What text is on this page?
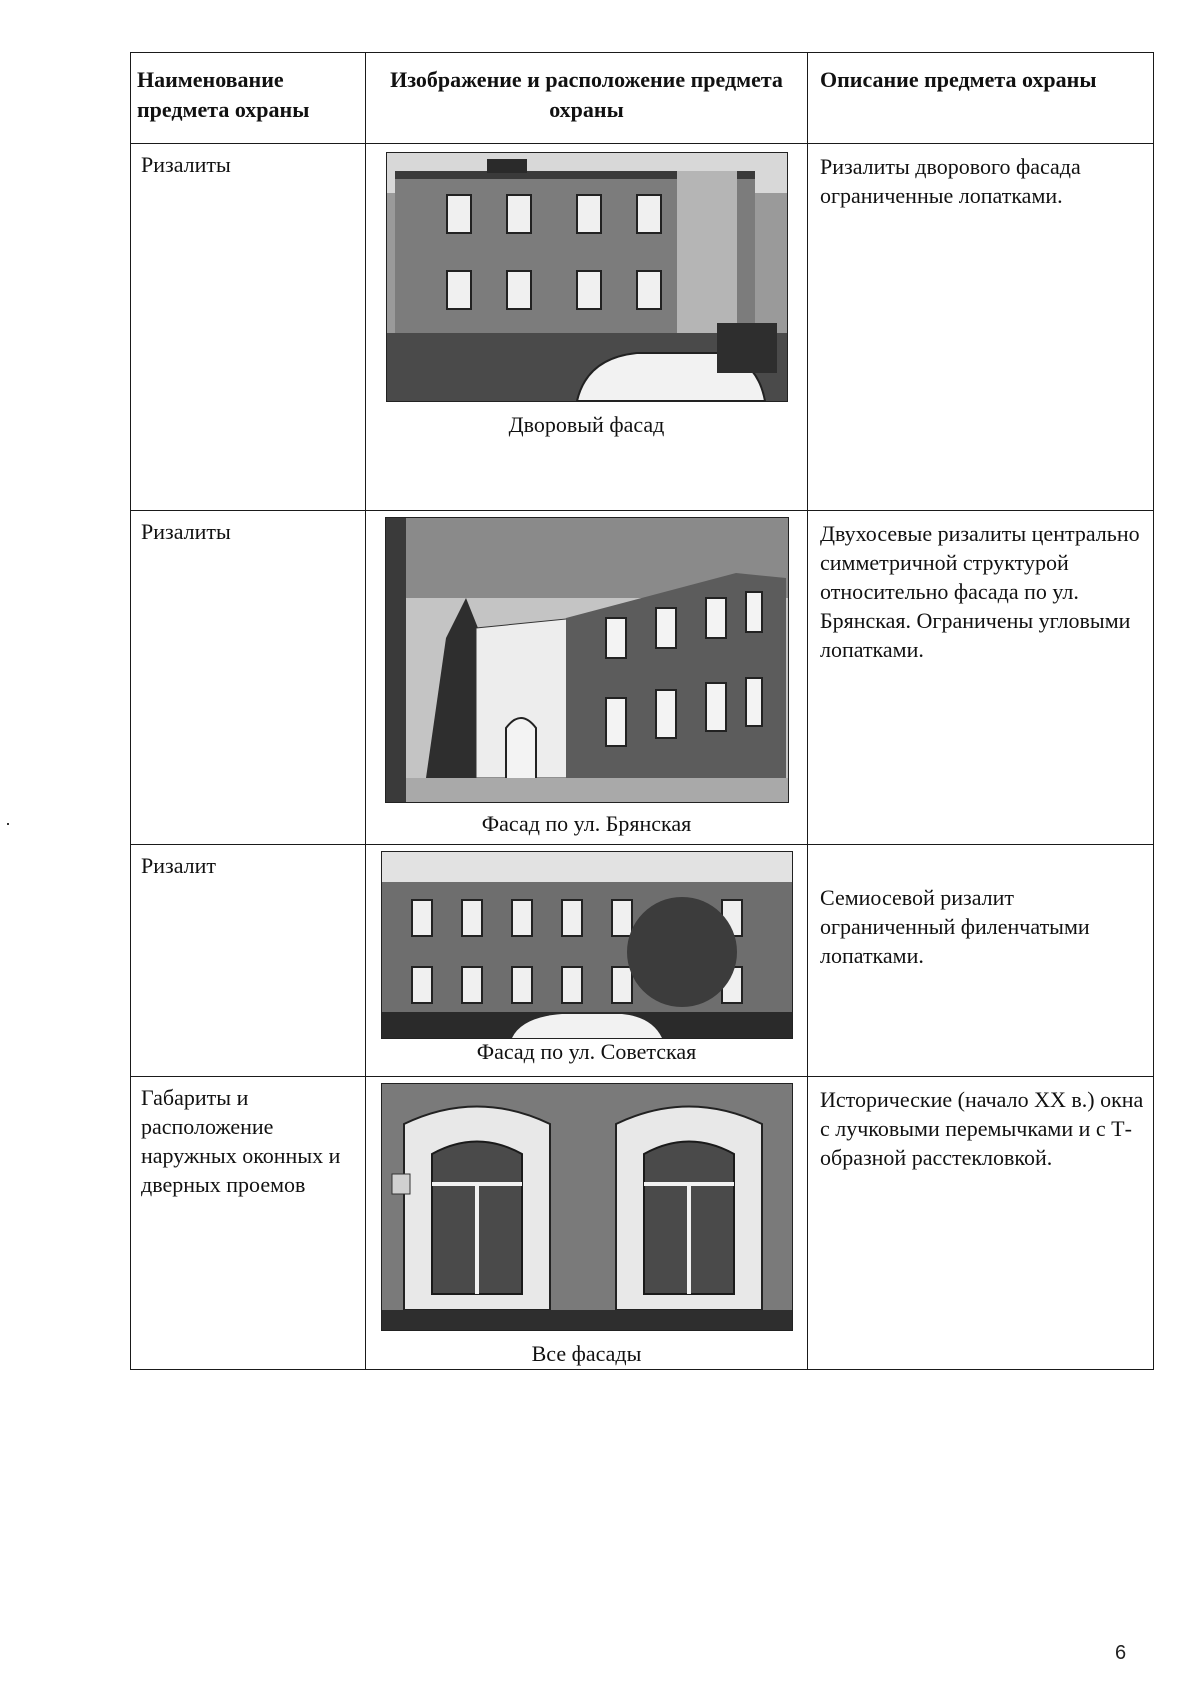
Наименование предмета охраны	Изображение и расположение предмета охраны	Описание предмета охраны

Ризалиты	Дворовый фасад	Ризалиты дворового фасада ограниченные лопатками.

Ризалиты	Фасад по ул. Брянская	Двухосевые ризалиты центрально симметричной структурой относительно фасада по ул. Брянская. Ограничены угловыми лопатками.

Ризалит	Фасад по ул. Советская	Семиосевой ризалит ограниченный филенчатыми лопатками.

Габариты и расположение наружных оконных и дверных проемов	Все фасады	Исторические (начало XX в.) окна с лучковыми перемычками и с Т-образной расстекловкой.
6
